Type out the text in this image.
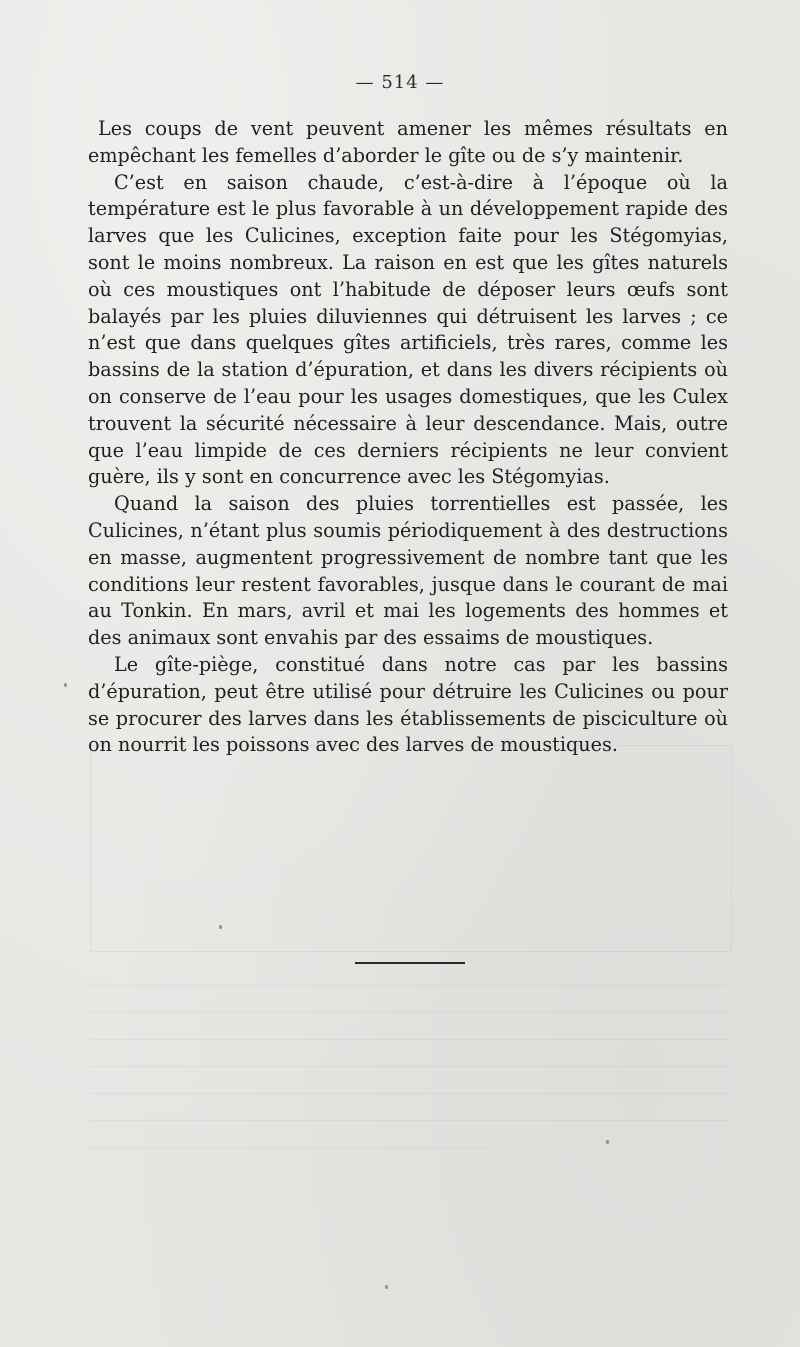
— 514 —

Les coups de vent peuvent amener les mêmes résultats en empêchant les femelles d’aborder le gîte ou de s’y maintenir.

C’est en saison chaude, c’est-à-dire à l’époque où la température est le plus favorable à un développement rapide des larves que les Culicines, exception faite pour les Stégomyias, sont le moins nombreux. La raison en est que les gîtes naturels où ces moustiques ont l’habitude de déposer leurs œufs sont balayés par les pluies diluviennes qui détruisent les larves ; ce n’est que dans quelques gîtes artificiels, très rares, comme les bassins de la station d’épuration, et dans les divers récipients où on conserve de l’eau pour les usages domestiques, que les Culex trouvent la sécurité nécessaire à leur descendance. Mais, outre que l’eau limpide de ces derniers récipients ne leur convient guère, ils y sont en concurrence avec les Stégomyias.

Quand la saison des pluies torrentielles est passée, les Culicines, n’étant plus soumis périodiquement à des destructions en masse, augmentent progressivement de nombre tant que les conditions leur restent favorables, jusque dans le courant de mai au Tonkin. En mars, avril et mai les logements des hommes et des animaux sont envahis par des essaims de moustiques.

Le gîte-piège, constitué dans notre cas par les bassins d’épuration, peut être utilisé pour détruire les Culicines ou pour se procurer des larves dans les établissements de pisciculture où on nourrit les poissons avec des larves de moustiques.
